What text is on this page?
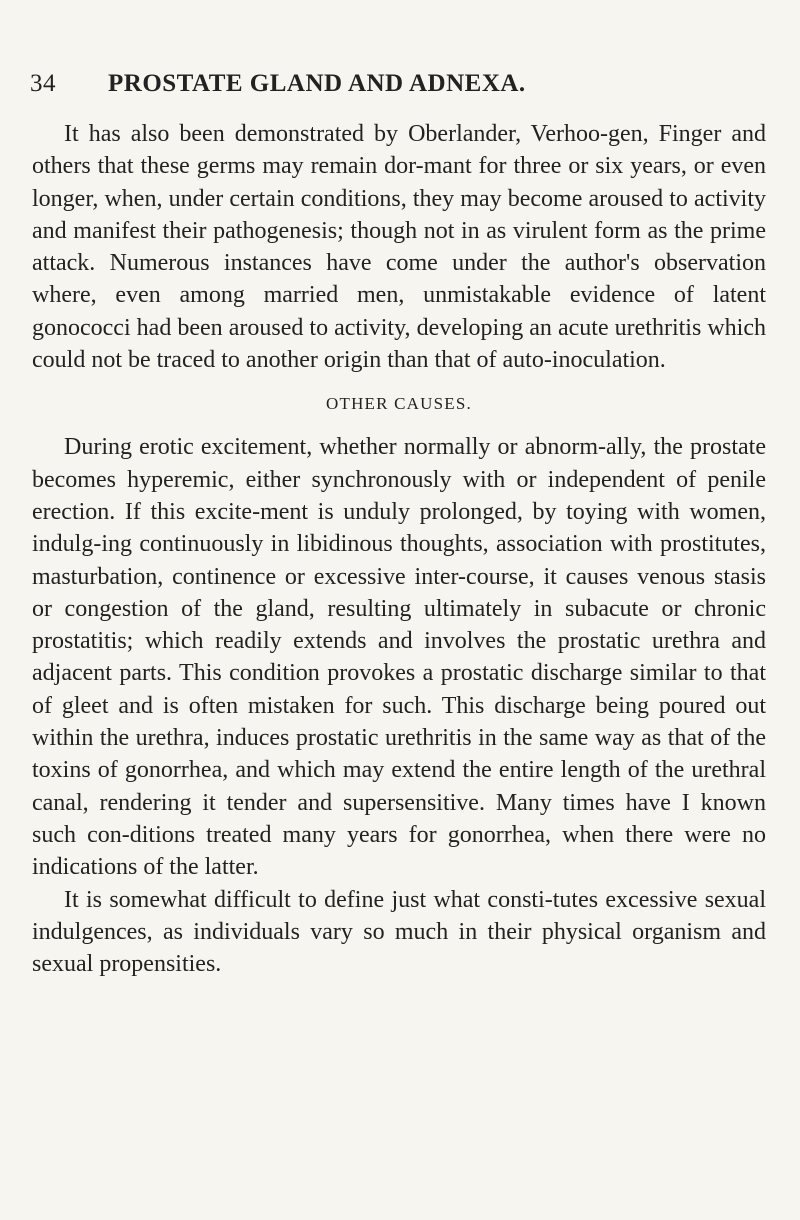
34 PROSTATE GLAND AND ADNEXA.

It has also been demonstrated by Oberlander, Verhoo-gen, Finger and others that these germs may remain dor-mant for three or six years, or even longer, when, under certain conditions, they may become aroused to activity and manifest their pathogenesis; though not in as virulent form as the prime attack. Numerous instances have come under the author's observation where, even among married men, unmistakable evidence of latent gonococci had been aroused to activity, developing an acute urethritis which could not be traced to another origin than that of auto-inoculation.

OTHER CAUSES.

During erotic excitement, whether normally or abnorm-ally, the prostate becomes hyperemic, either synchronously with or independent of penile erection. If this excite-ment is unduly prolonged, by toying with women, indulg-ing continuously in libidinous thoughts, association with prostitutes, masturbation, continence or excessive inter-course, it causes venous stasis or congestion of the gland, resulting ultimately in subacute or chronic prostatitis; which readily extends and involves the prostatic urethra and adjacent parts. This condition provokes a prostatic discharge similar to that of gleet and is often mistaken for such. This discharge being poured out within the urethra, induces prostatic urethritis in the same way as that of the toxins of gonorrhea, and which may extend the entire length of the urethral canal, rendering it tender and supersensitive. Many times have I known such con-ditions treated many years for gonorrhea, when there were no indications of the latter.

It is somewhat difficult to define just what consti-tutes excessive sexual indulgences, as individuals vary so much in their physical organism and sexual propensities.
